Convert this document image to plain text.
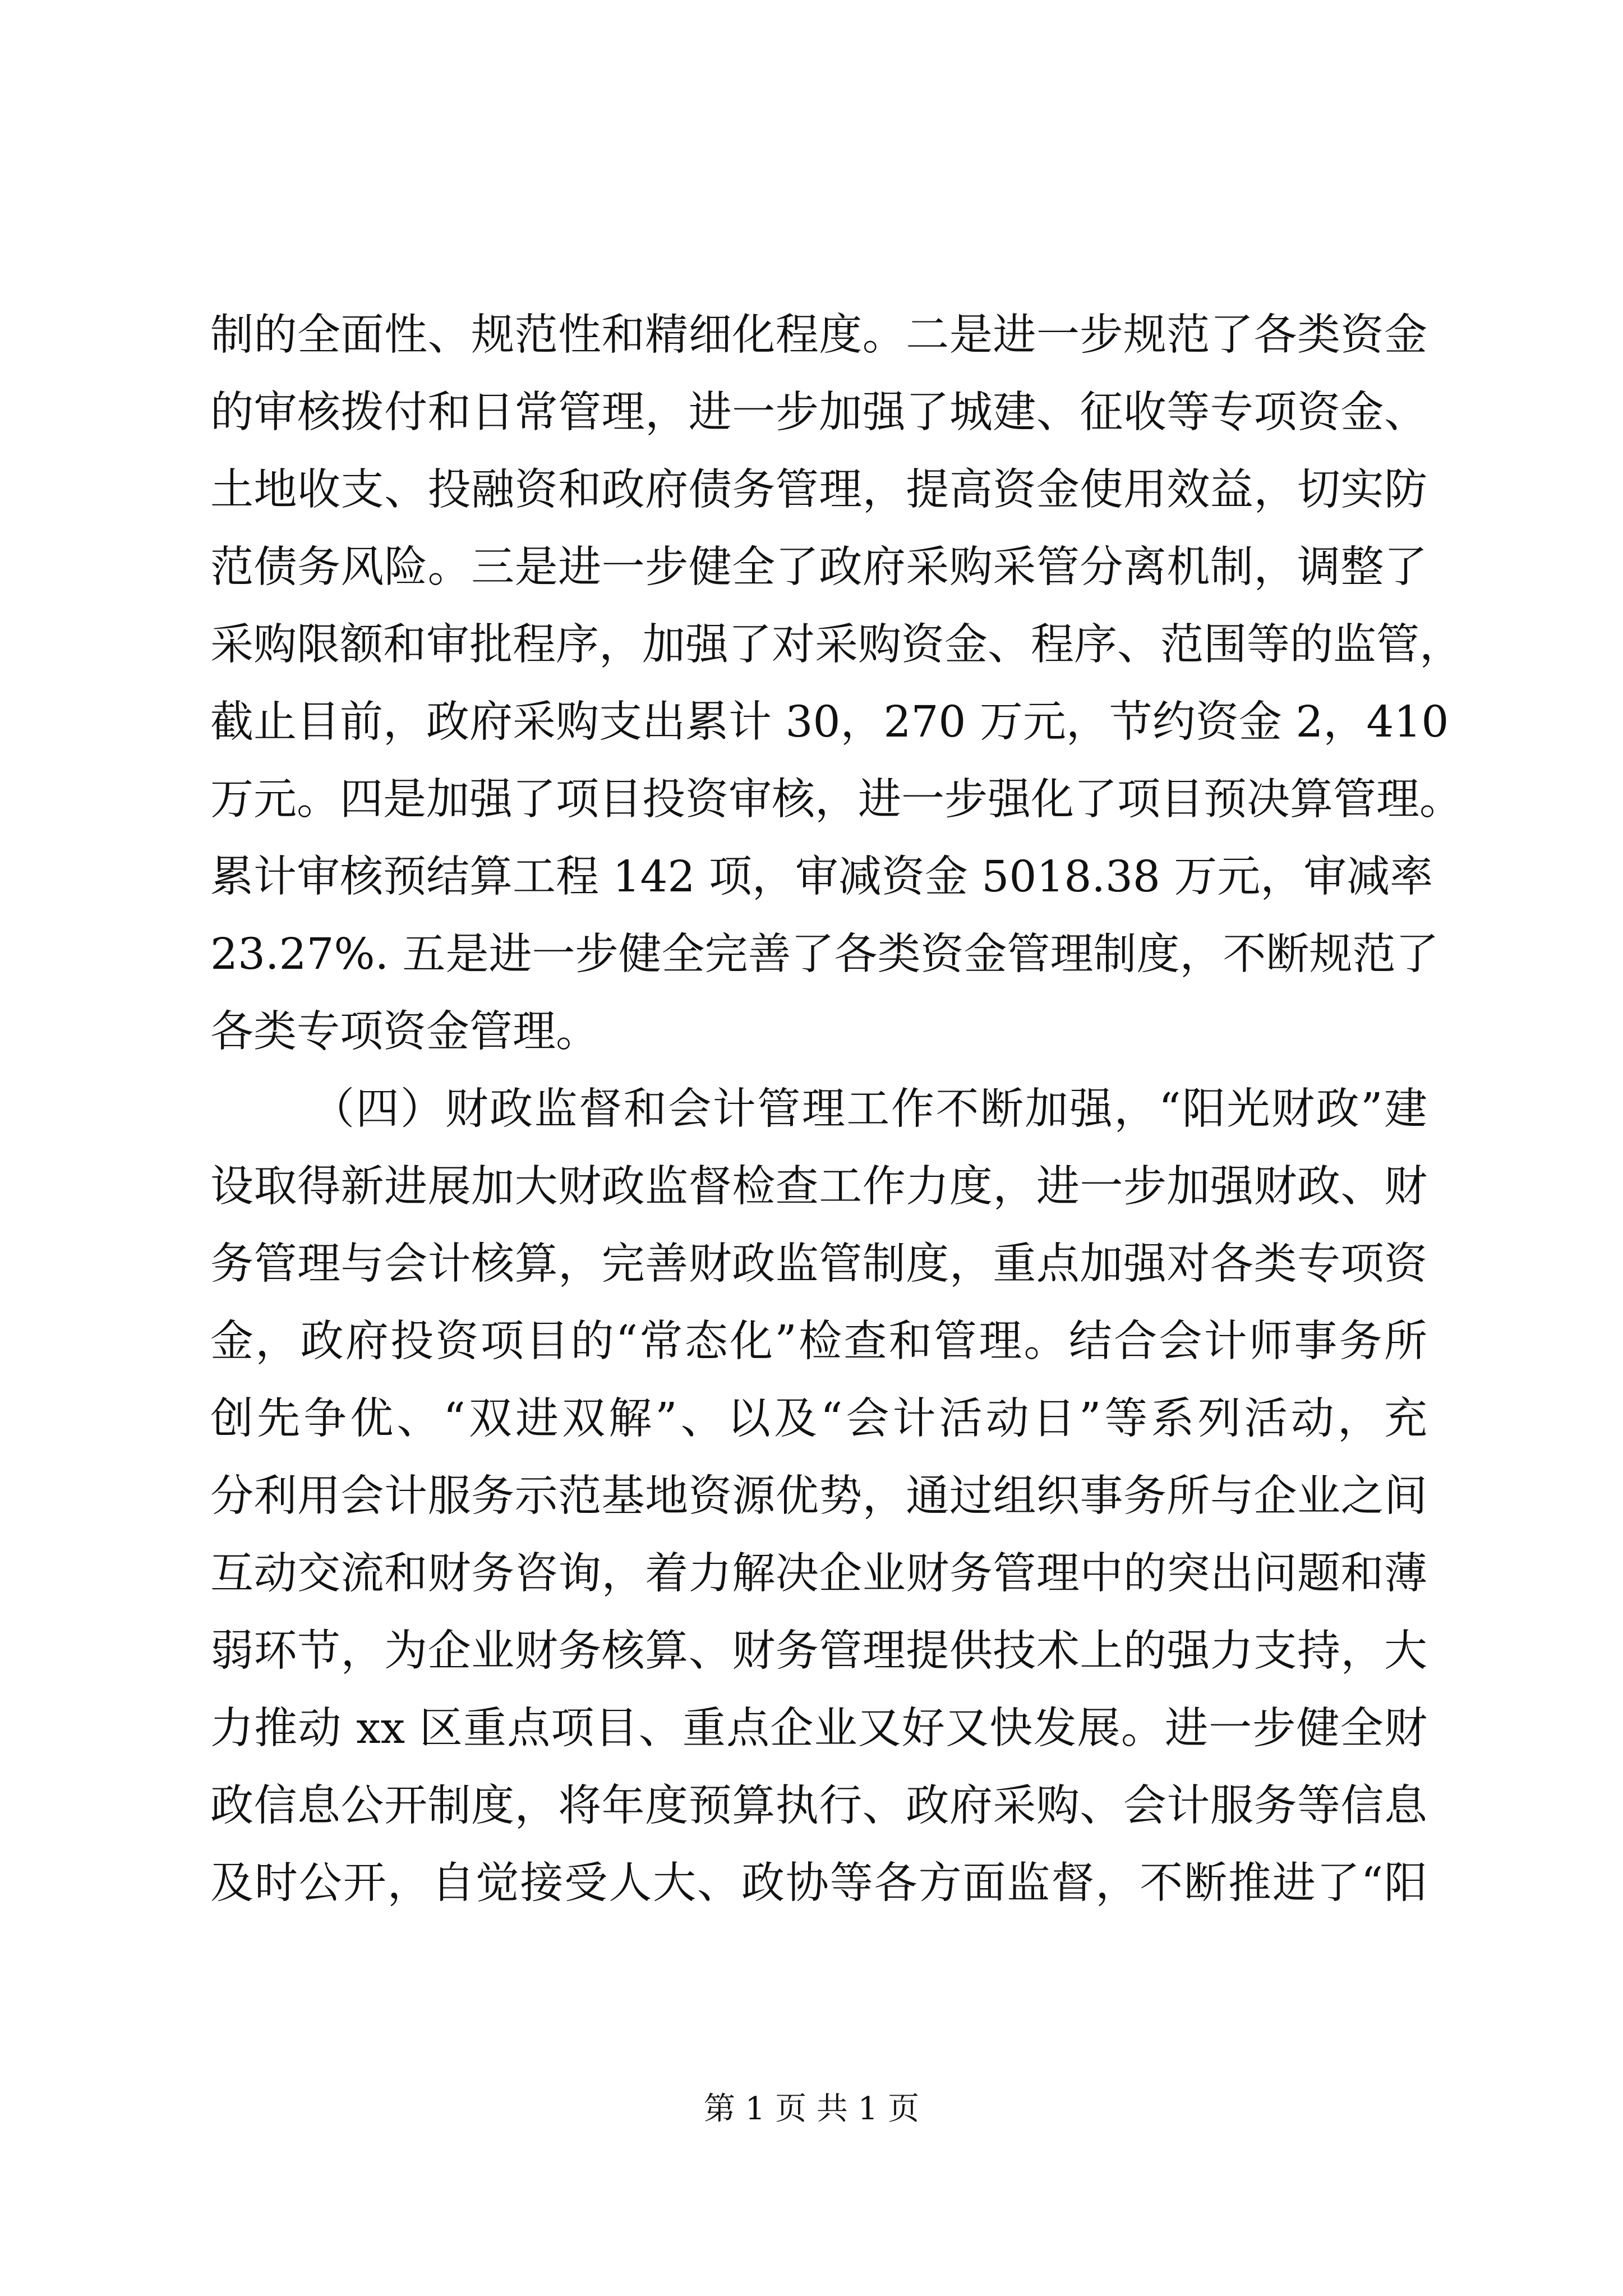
制的全面性、规范性和精细化程度。二是进一步规范了各类资金
的审核拨付和日常管理，进一步加强了城建、征收等专项资金、
土地收支、投融资和政府债务管理，提高资金使用效益，切实防
范债务风险。三是进一步健全了政府采购采管分离机制，调整了
采购限额和审批程序，加强了对采购资金、程序、范围等的监管，
截止目前，政府采购支出累计 30，270 万元，节约资金 2，410
万元。四是加强了项目投资审核，进一步强化了项目预决算管理。
累计审核预结算工程 142 项，审减资金 5018.38 万元，审减率
23.27%. 五是进一步健全完善了各类资金管理制度，不断规范了
各类专项资金管理。
（四）财政监督和会计管理工作不断加强，“阳光财政”建
设取得新进展加大财政监督检查工作力度，进一步加强财政、财
务管理与会计核算，完善财政监管制度，重点加强对各类专项资
金，政府投资项目的“常态化”检查和管理。结合会计师事务所
创先争优、“双进双解”、以及“会计活动日”等系列活动，充
分利用会计服务示范基地资源优势，通过组织事务所与企业之间
互动交流和财务咨询，着力解决企业财务管理中的突出问题和薄
弱环节，为企业财务核算、财务管理提供技术上的强力支持，大
力推动 xx 区重点项目、重点企业又好又快发展。进一步健全财
政信息公开制度，将年度预算执行、政府采购、会计服务等信息
及时公开，自觉接受人大、政协等各方面监督，不断推进了“阳
第 1 页 共 1 页
